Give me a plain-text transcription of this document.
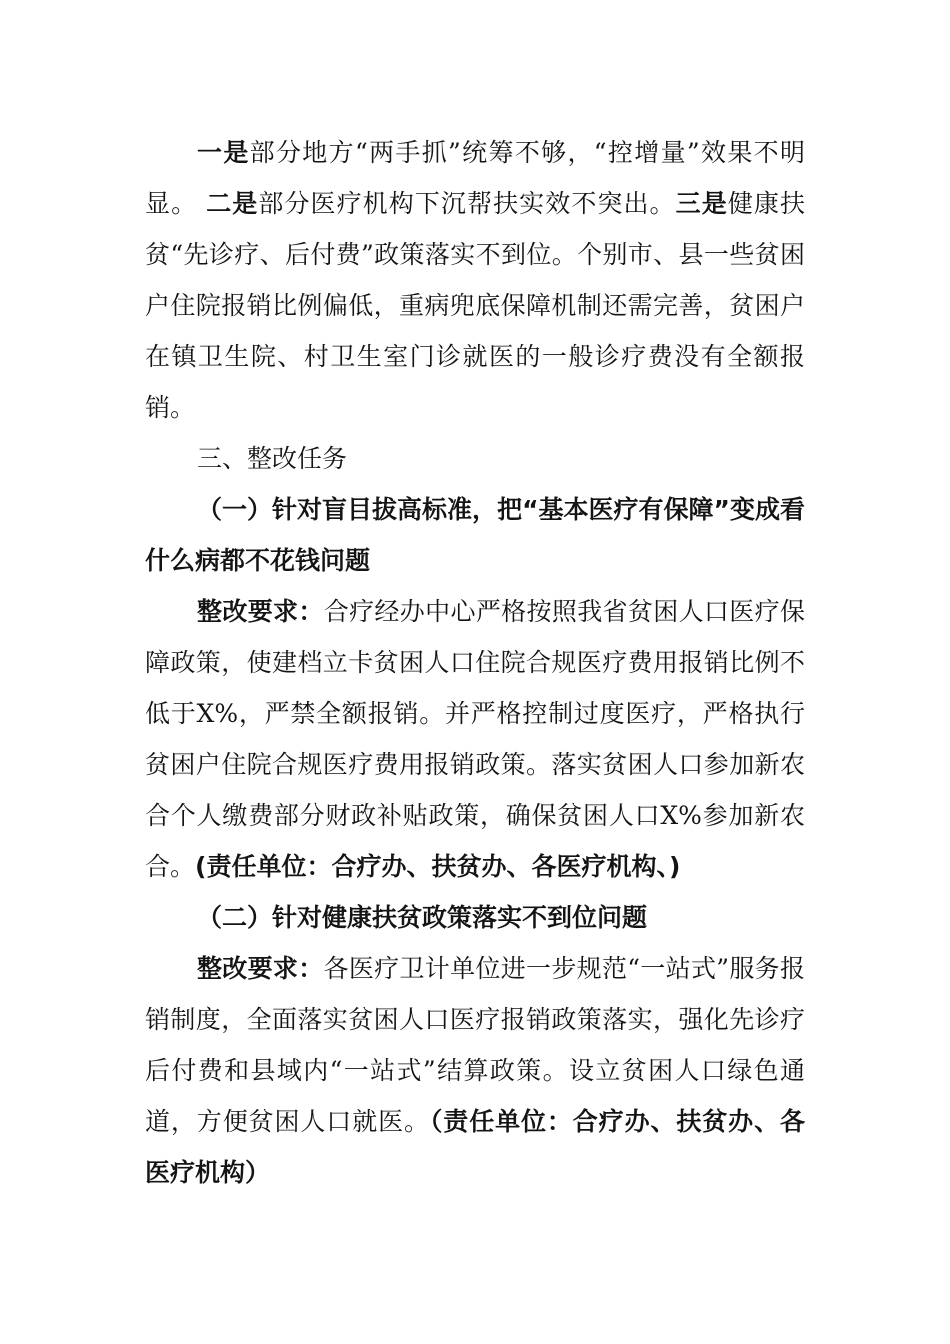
一是部分地方“两手抓”统筹不够，“控增量”效果不明显。 二是部分医疗机构下沉帮扶实效不突出。三是健康扶贫“先诊疗、后付费”政策落实不到位。个别市、县一些贫困户住院报销比例偏低，重病兜底保障机制还需完善，贫困户在镇卫生院、村卫生室门诊就医的一般诊疗费没有全额报销。

三、整改任务

（一）针对盲目拔高标准，把“基本医疗有保障”变成看什么病都不花钱问题

整改要求：合疗经办中心严格按照我省贫困人口医疗保障政策，使建档立卡贫困人口住院合规医疗费用报销比例不低于X%，严禁全额报销。并严格控制过度医疗，严格执行贫困户住院合规医疗费用报销政策。落实贫困人口参加新农合个人缴费部分财政补贴政策，确保贫困人口X%参加新农合。(责任单位：合疗办、扶贫办、各医疗机构、)

（二）针对健康扶贫政策落实不到位问题

整改要求：各医疗卫计单位进一步规范“一站式”服务报销制度，全面落实贫困人口医疗报销政策落实，强化先诊疗后付费和县域内“一站式”结算政策。设立贫困人口绿色通道，方便贫困人口就医。（责任单位：合疗办、扶贫办、各医疗机构）
